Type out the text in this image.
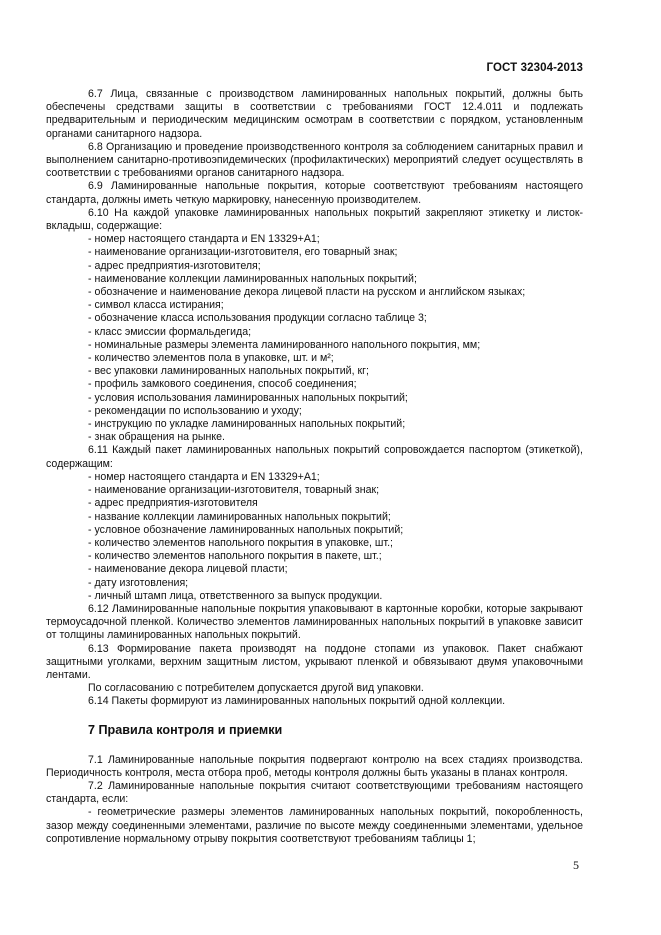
ГОСТ 32304-2013
6.7 Лица, связанные с производством ламинированных напольных покрытий, должны быть обеспечены средствами защиты в соответствии с требованиями ГОСТ 12.4.011 и подлежать предварительным и периодическим медицинским осмотрам в соответствии с порядком, установленным органами санитарного надзора.
6.8 Организацию и проведение производственного контроля за соблюдением санитарных правил и выполнением санитарно-противоэпидемических (профилактических) мероприятий следует осуществлять в соответствии с требованиями органов санитарного надзора.
6.9 Ламинированные напольные покрытия, которые соответствуют требованиям настоящего стандарта, должны иметь четкую маркировку, нанесенную производителем.
6.10 На каждой упаковке ламинированных напольных покрытий закрепляют этикетку и листок-вкладыш, содержащие:
- номер настоящего стандарта и EN 13329+A1;
- наименование организации-изготовителя, его товарный знак;
- адрес предприятия-изготовителя;
- наименование коллекции ламинированных напольных покрытий;
- обозначение и наименование декора лицевой пласти на русском и английском языках;
- символ класса истирания;
- обозначение класса использования продукции согласно таблице 3;
- класс эмиссии формальдегида;
- номинальные размеры элемента ламинированного напольного покрытия, мм;
- количество элементов пола в упаковке, шт. и м²;
- вес упаковки ламинированных напольных покрытий, кг;
- профиль замкового соединения, способ соединения;
- условия использования ламинированных напольных покрытий;
- рекомендации по использованию и уходу;
- инструкцию по укладке ламинированных напольных покрытий;
- знак обращения на рынке.
6.11 Каждый пакет ламинированных напольных покрытий сопровождается паспортом (этикеткой), содержащим:
- номер настоящего стандарта и EN 13329+A1;
- наименование организации-изготовителя, товарный знак;
- адрес предприятия-изготовителя
- название коллекции ламинированных напольных покрытий;
- условное обозначение ламинированных напольных покрытий;
- количество элементов напольного покрытия в упаковке, шт.;
- количество элементов напольного покрытия в пакете, шт.;
- наименование декора лицевой пласти;
- дату изготовления;
- личный штамп лица, ответственного за выпуск продукции.
6.12 Ламинированные напольные покрытия упаковывают в картонные коробки, которые закрывают термоусадочной пленкой. Количество элементов ламинированных напольных покрытий в упаковке зависит от толщины ламинированных напольных покрытий.
6.13 Формирование пакета производят на поддоне стопами из упаковок. Пакет снабжают защитными уголками, верхним защитным листом, укрывают пленкой и обвязывают двумя упаковочными лентами.
По согласованию с потребителем допускается другой вид упаковки.
6.14 Пакеты формируют из ламинированных напольных покрытий одной коллекции.
7 Правила контроля и приемки
7.1 Ламинированные напольные покрытия подвергают контролю на всех стадиях производства. Периодичность контроля, места отбора проб, методы контроля должны быть указаны в планах контроля.
7.2 Ламинированные напольные покрытия считают соответствующими требованиям настоящего стандарта, если:
- геометрические размеры элементов ламинированных напольных покрытий, покоробленность, зазор между соединенными элементами, различие по высоте между соединенными элементами, удельное сопротивление нормальному отрыву покрытия соответствуют требованиям таблицы 1;
5
